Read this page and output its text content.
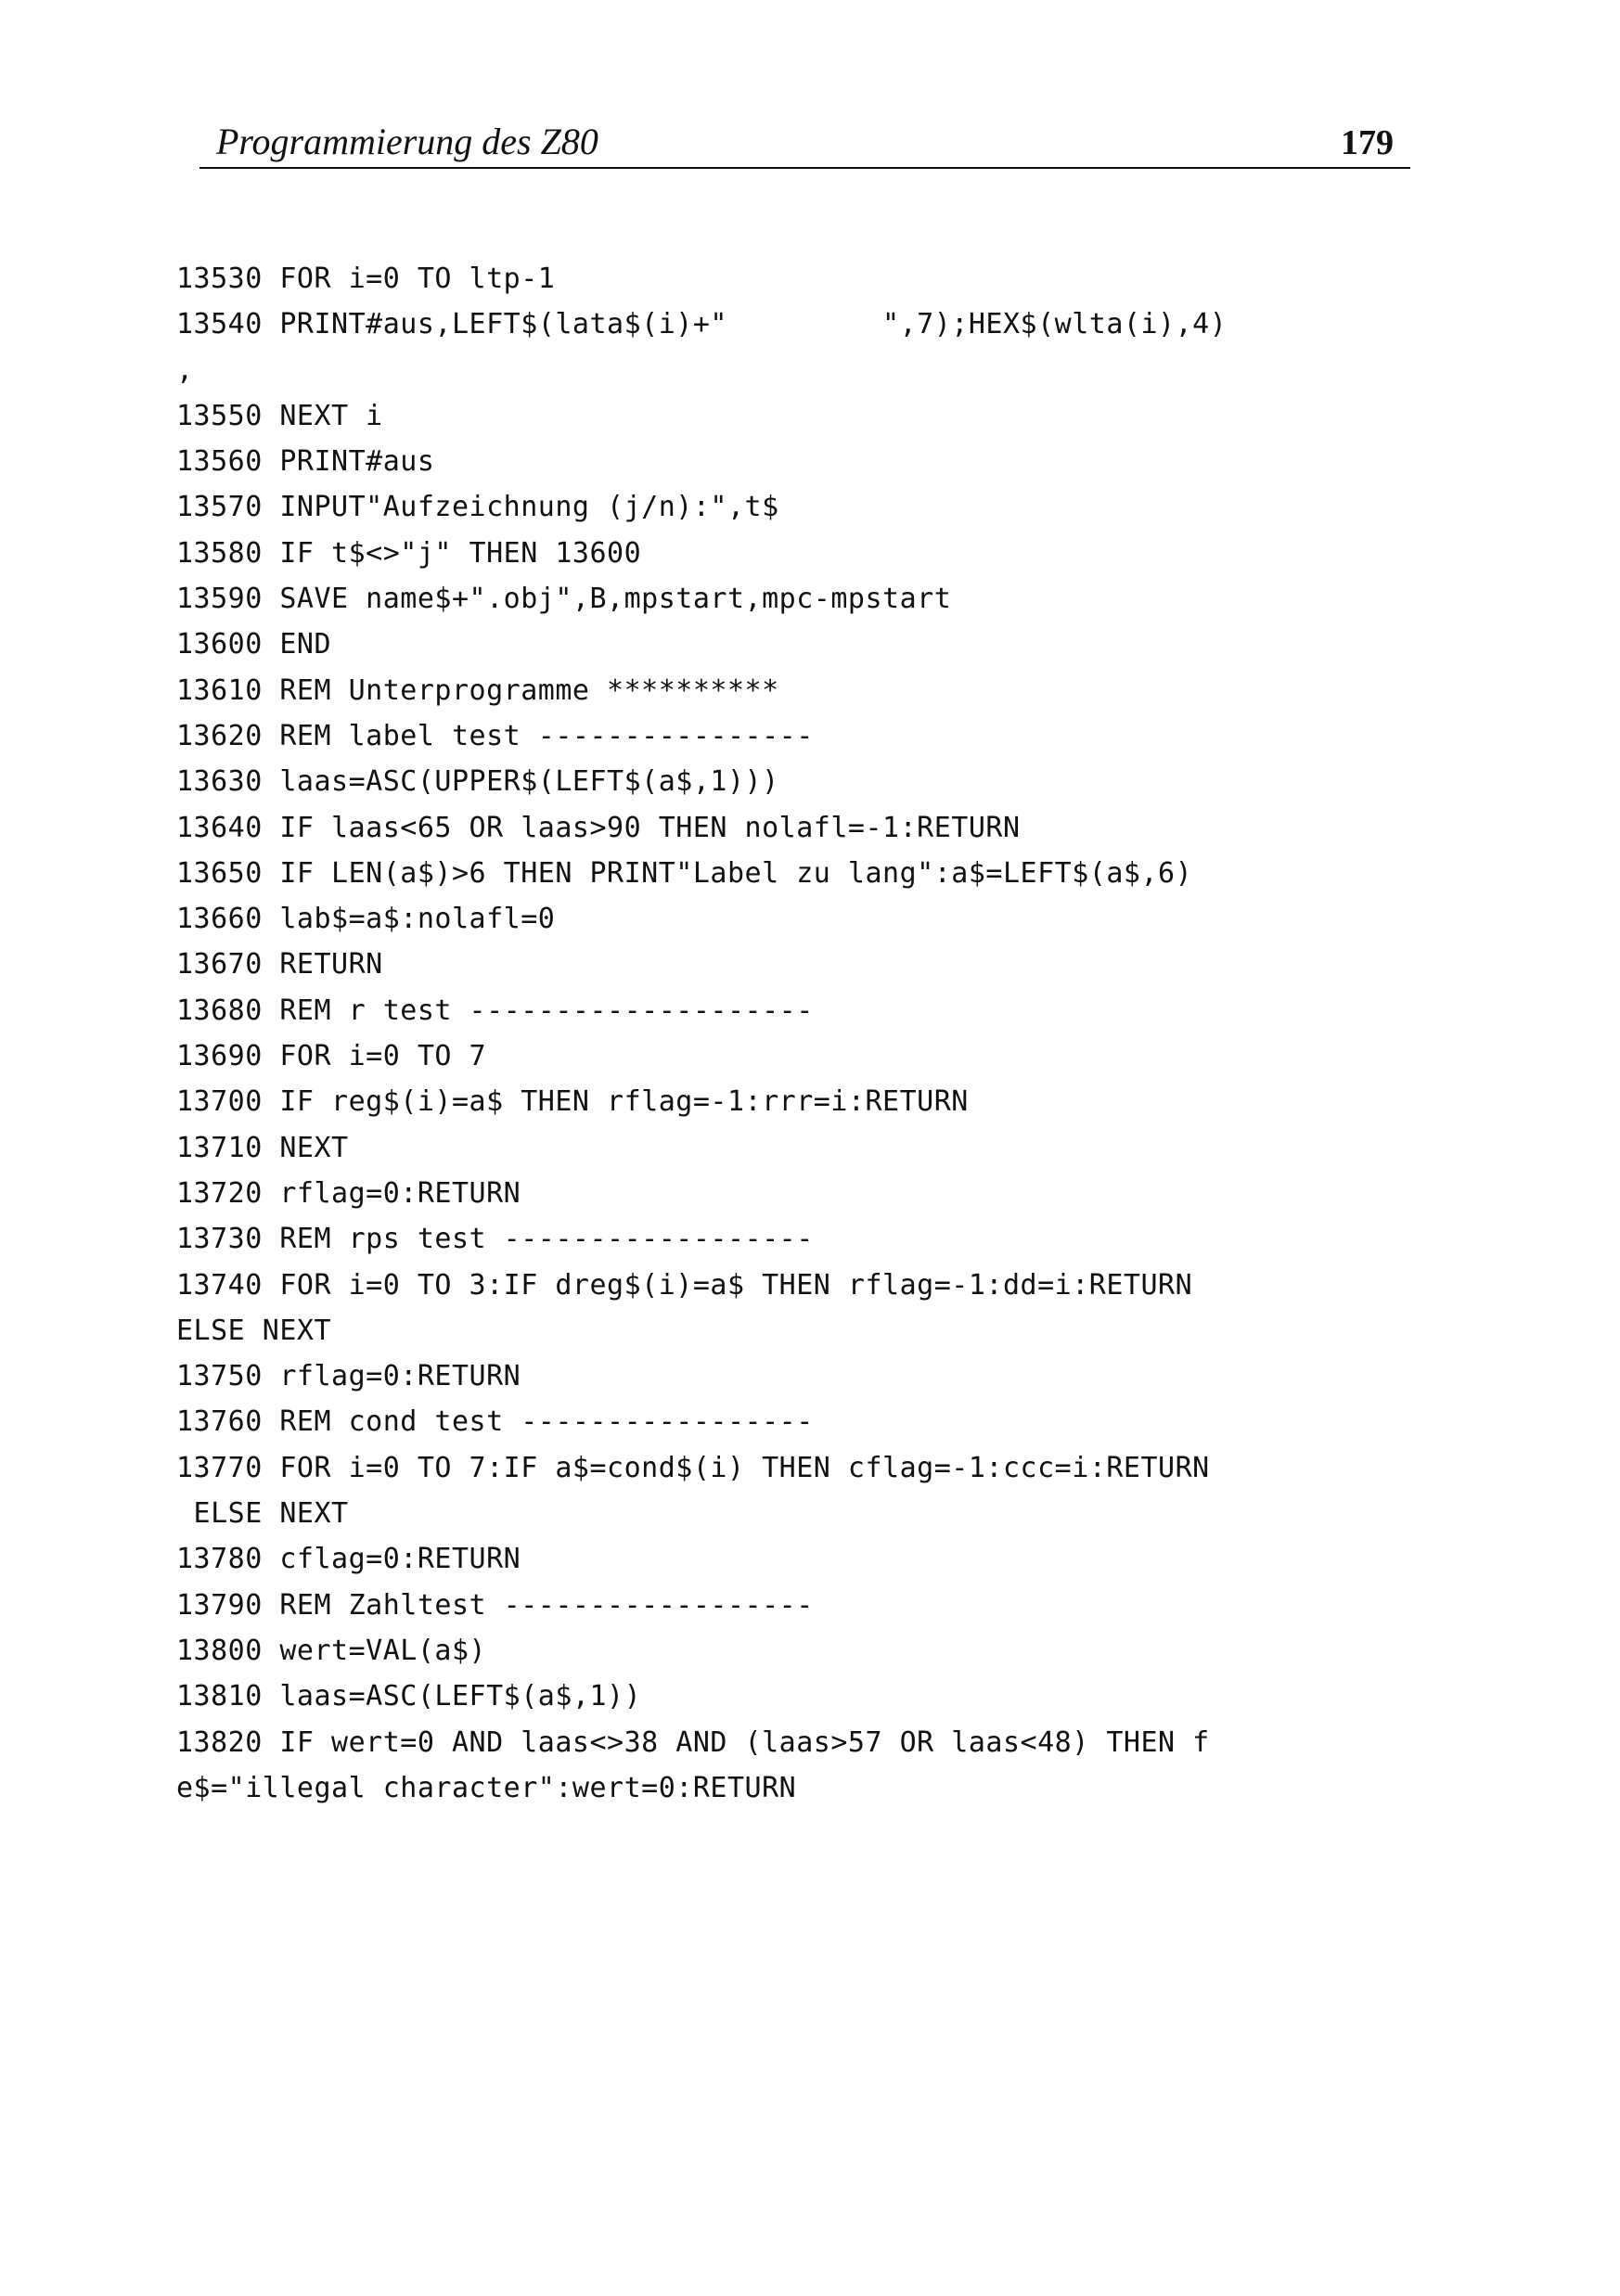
Programmierung des Z80	179
13530 FOR i=0 TO ltp-1
13540 PRINT#aus,LEFT$(lata$(i)+"         ",7);HEX$(wlta(i),4)
,
13550 NEXT i
13560 PRINT#aus
13570 INPUT"Aufzeichnung (j/n):",t$
13580 IF t$<>"j" THEN 13600
13590 SAVE name$+".obj",B,mpstart,mpc-mpstart
13600 END
13610 REM Unterprogramme **********
13620 REM label test ----------------
13630 laas=ASC(UPPER$(LEFT$(a$,1)))
13640 IF laas<65 OR laas>90 THEN nolafl=-1:RETURN
13650 IF LEN(a$)>6 THEN PRINT"Label zu lang":a$=LEFT$(a$,6)
13660 lab$=a$:nolafl=0
13670 RETURN
13680 REM r test --------------------
13690 FOR i=0 TO 7
13700 IF reg$(i)=a$ THEN rflag=-1:rrr=i:RETURN
13710 NEXT
13720 rflag=0:RETURN
13730 REM rps test ------------------
13740 FOR i=0 TO 3:IF dreg$(i)=a$ THEN rflag=-1:dd=i:RETURN
ELSE NEXT
13750 rflag=0:RETURN
13760 REM cond test -----------------
13770 FOR i=0 TO 7:IF a$=cond$(i) THEN cflag=-1:ccc=i:RETURN
ELSE NEXT
13780 cflag=0:RETURN
13790 REM Zahltest ------------------
13800 wert=VAL(a$)
13810 laas=ASC(LEFT$(a$,1))
13820 IF wert=0 AND laas<>38 AND (laas>57 OR laas<48) THEN f
e$="illegal character":wert=0:RETURN
